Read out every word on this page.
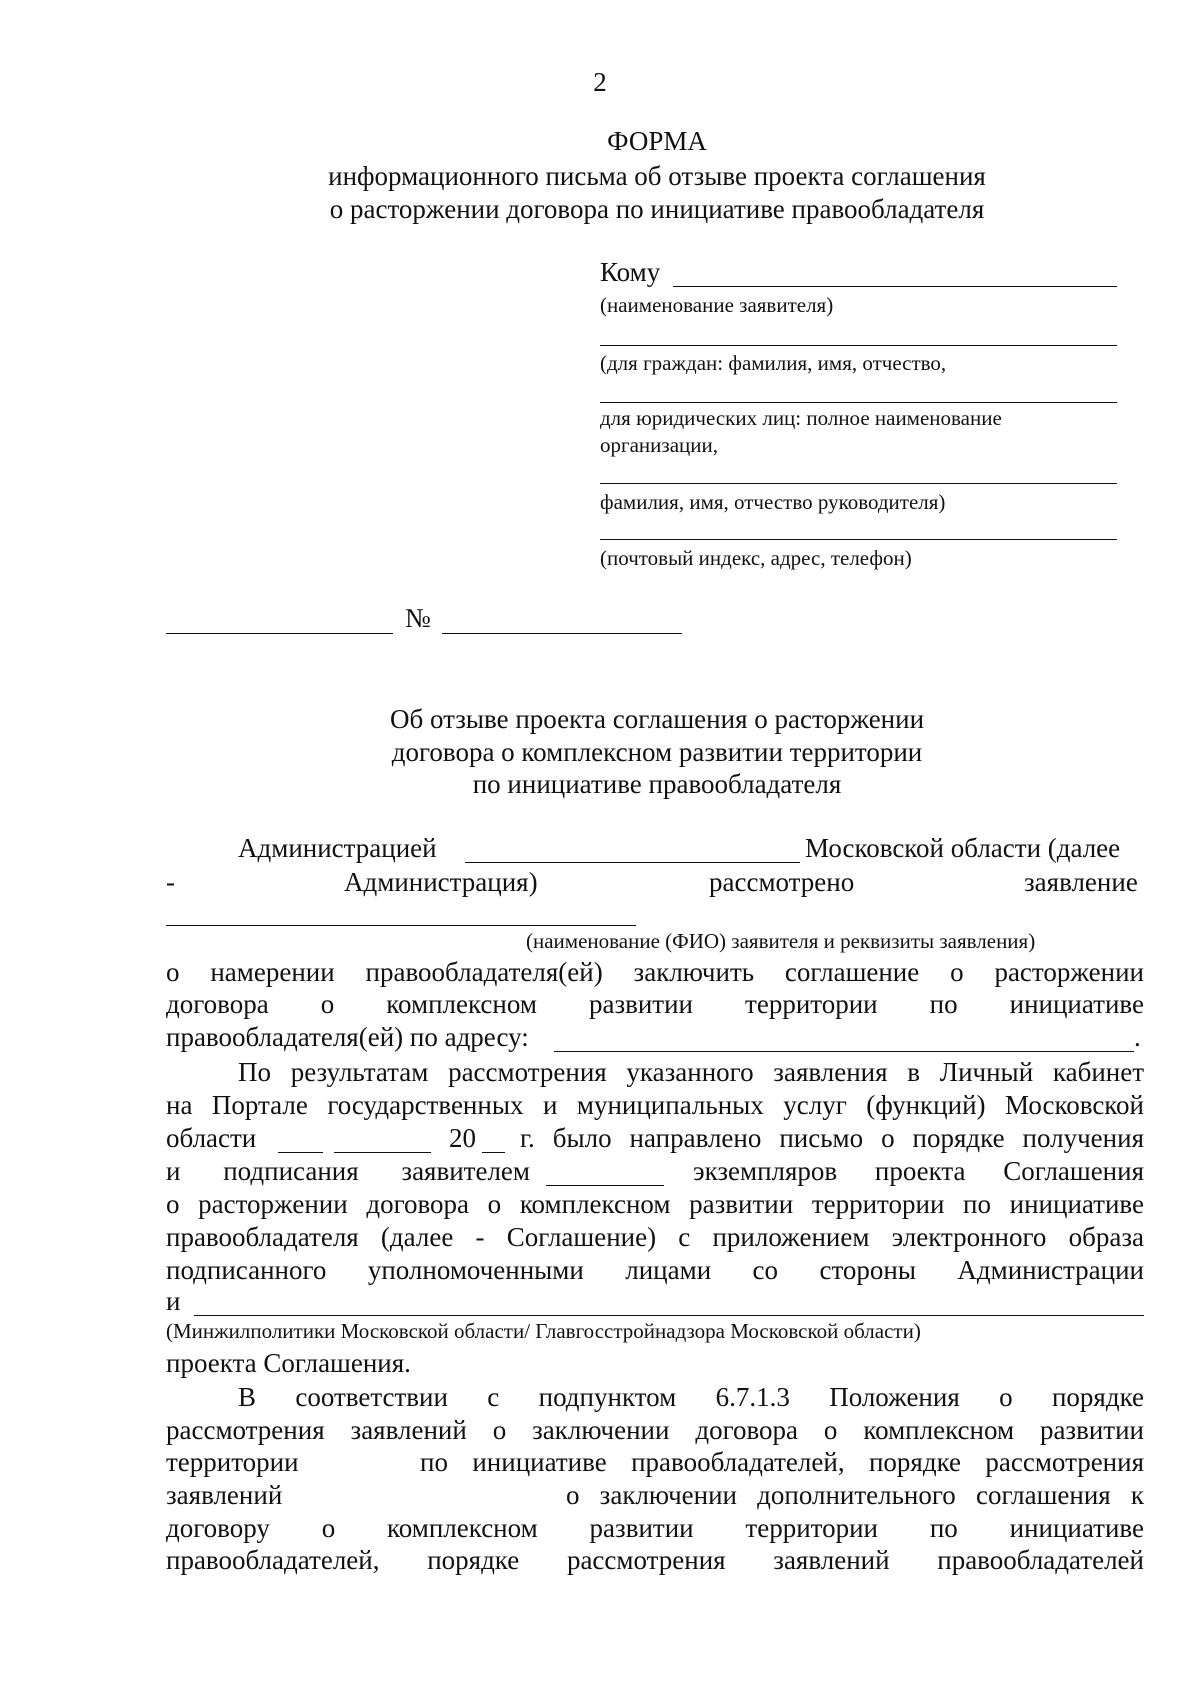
2
ФОРМА
информационного письма об отзыве проекта соглашения
о расторжении договора по инициативе правообладателя
Кому
(наименование заявителя)
(для граждан: фамилия, имя, отчество,
для юридических лиц: полное наименование
организации,
фамилия, имя, отчество руководителя)
(почтовый индекс, адрес, телефон)
№
Об отзыве проекта соглашения о расторжении
договора о комплексном развитии территории
по инициативе правообладателя
Администрацией	Московской области (далее
-	Администрация)	рассмотрено	заявление
(наименование (ФИО) заявителя и реквизиты заявления)
о намерении правообладателя(ей) заключить соглашение о расторжении
договора о комплексном развитии территории по инициативе
правообладателя(ей) по адресу:	.
По результатам рассмотрения указанного заявления в Личный кабинет
на Портале государственных и муниципальных услуг (функций) Московской
области	20 г. было направлено письмо о порядке получения
и подписания заявителем	экземпляров проекта Соглашения
о расторжении договора о комплексном развитии территории по инициативе
правообладателя (далее - Соглашение) с приложением электронного образа
подписанного уполномоченными лицами со стороны Администрации
и
(Минжилполитики Московской области/ Главгосстройнадзора Московской области)
проекта Соглашения.
В соответствии с подпунктом 6.7.1.3 Положения о порядке
рассмотрения заявлений о заключении договора о комплексном развитии
территории	по инициативе правообладателей, порядке рассмотрения
заявлений	о заключении дополнительного соглашения к
договору о комплексном развитии территории по инициативе
правообладателей, порядке рассмотрения заявлений правообладателей
